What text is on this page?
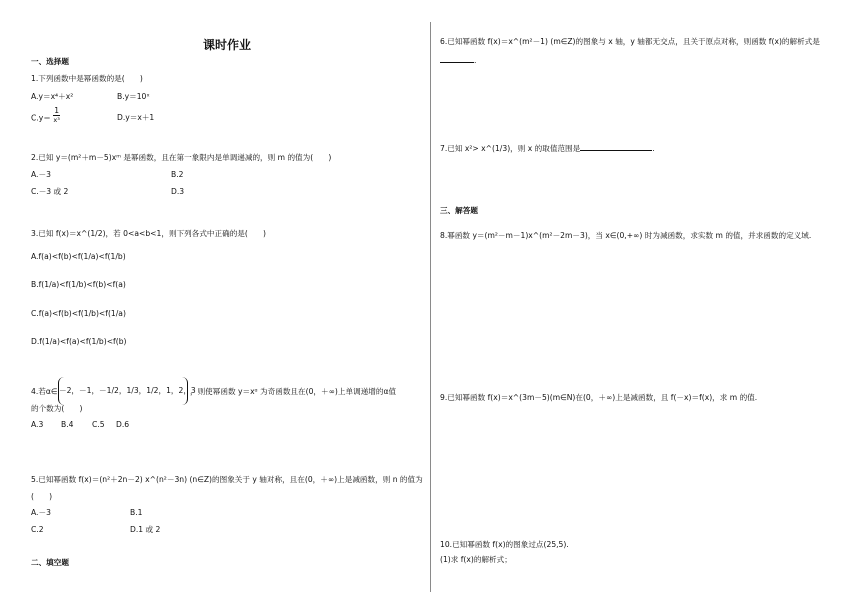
课时作业
一、选择题
1.下列函数中是幂函数的是(　　)
A.y＝x⁴＋x²	B.y＝10ˣ
$C.y= \frac{1}{\text{x³}}$	D.y＝x＋1
2.已知 y＝(m²＋m－5)xᵐ 是幂函数，且在第一象限内是单调递减的，则 m 的值为(　　)
A.－3	B.2
C.－3 或 2	D.3
3.已知 f(x)＝x^(1/2)，若 0<a<b<1，则下列各式中正确的是(　　)
A.f(a)<f(b)<f(1/a)<f(1/b)
B.f(1/a)<f(1/b)<f(b)<f(a)
C.f(a)<f(b)<f(1/b)<f(1/a)
D.f(1/a)<f(a)<f(1/b)<f(b)
4.若α∈ －2，－1，－1/2，1/3，1/2，1，2，3
，则使幂函数 y＝xᵅ 为奇函数且在(0，＋∞)上单调递增的α值
的个数为(　　)
A.3 B.4 C.5 D.6
5.已知幂函数 f(x)＝(n²＋2n－2) x^(n²－3n) (n∈Z)的图象关于 y 轴对称，且在(0，＋∞)上是减函数，则 n 的值为
(　　)
A.－3	B.1
C.2	D.1 或 2
二、填空题
6.已知幂函数 f(x)＝x^(m²－1) (m∈Z)的图象与 x 轴，y 轴都无交点，且关于原点对称，则函数 f(x)的解析式是
.
7.已知 x²> x^(1/3)，则 x 的取值范围是	.
三、解答题
8.幂函数 y＝(m²－m－1)x^(m²－2m－3)，当 x∈(0,+∞) 时为减函数，求实数 m 的值，并求函数的定义域.
9.已知幂函数 f(x)＝x^(3m－5)(m∈N)在(0，＋∞)上是减函数，且 f(－x)＝f(x)，求 m 的值.
10.已知幂函数 f(x)的图象过点(25,5).
(1)求 f(x)的解析式；
